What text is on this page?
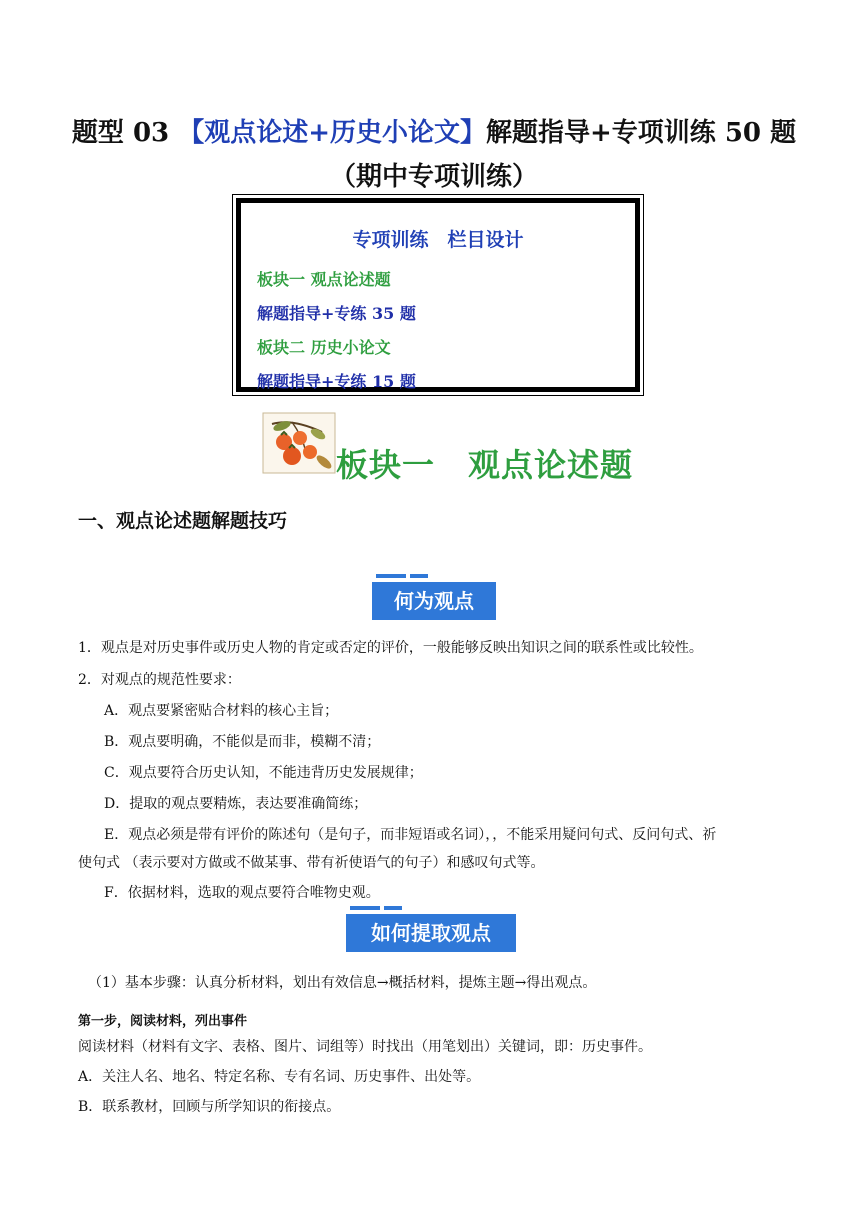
题型 03 【观点论述+历史小论文】解题指导+专项训练 50 题
（期中专项训练）
专项训练　栏目设计
板块一 观点论述题
解题指导+专练 35 题
板块二 历史小论文
解题指导+专练 15 题
板块一　观点论述题
一、观点论述题解题技巧
何为观点
1．观点是对历史事件或历史人物的肯定或否定的评价，一般能够反映出知识之间的联系性或比较性。
2．对观点的规范性要求：
A．观点要紧密贴合材料的核心主旨；
B．观点要明确，不能似是而非，模糊不清；
C．观点要符合历史认知，不能违背历史发展规律；
D．提取的观点要精炼，表达要准确简练；
E．观点必须是带有评价的陈述句（是句子，而非短语或名词），，不能采用疑问句式、反问句式、祈
使句式 （表示要对方做或不做某事、带有祈使语气的句子）和感叹句式等。
F．依据材料，选取的观点要符合唯物史观。
如何提取观点
（1）基本步骤：认真分析材料，划出有效信息→概括材料，提炼主题→得出观点。
第一步，阅读材料，列出事件
阅读材料（材料有文字、表格、图片、词组等）时找出（用笔划出）关键词，即：历史事件。
A．关注人名、地名、特定名称、专有名词、历史事件、出处等。
B．联系教材，回顾与所学知识的衔接点。
